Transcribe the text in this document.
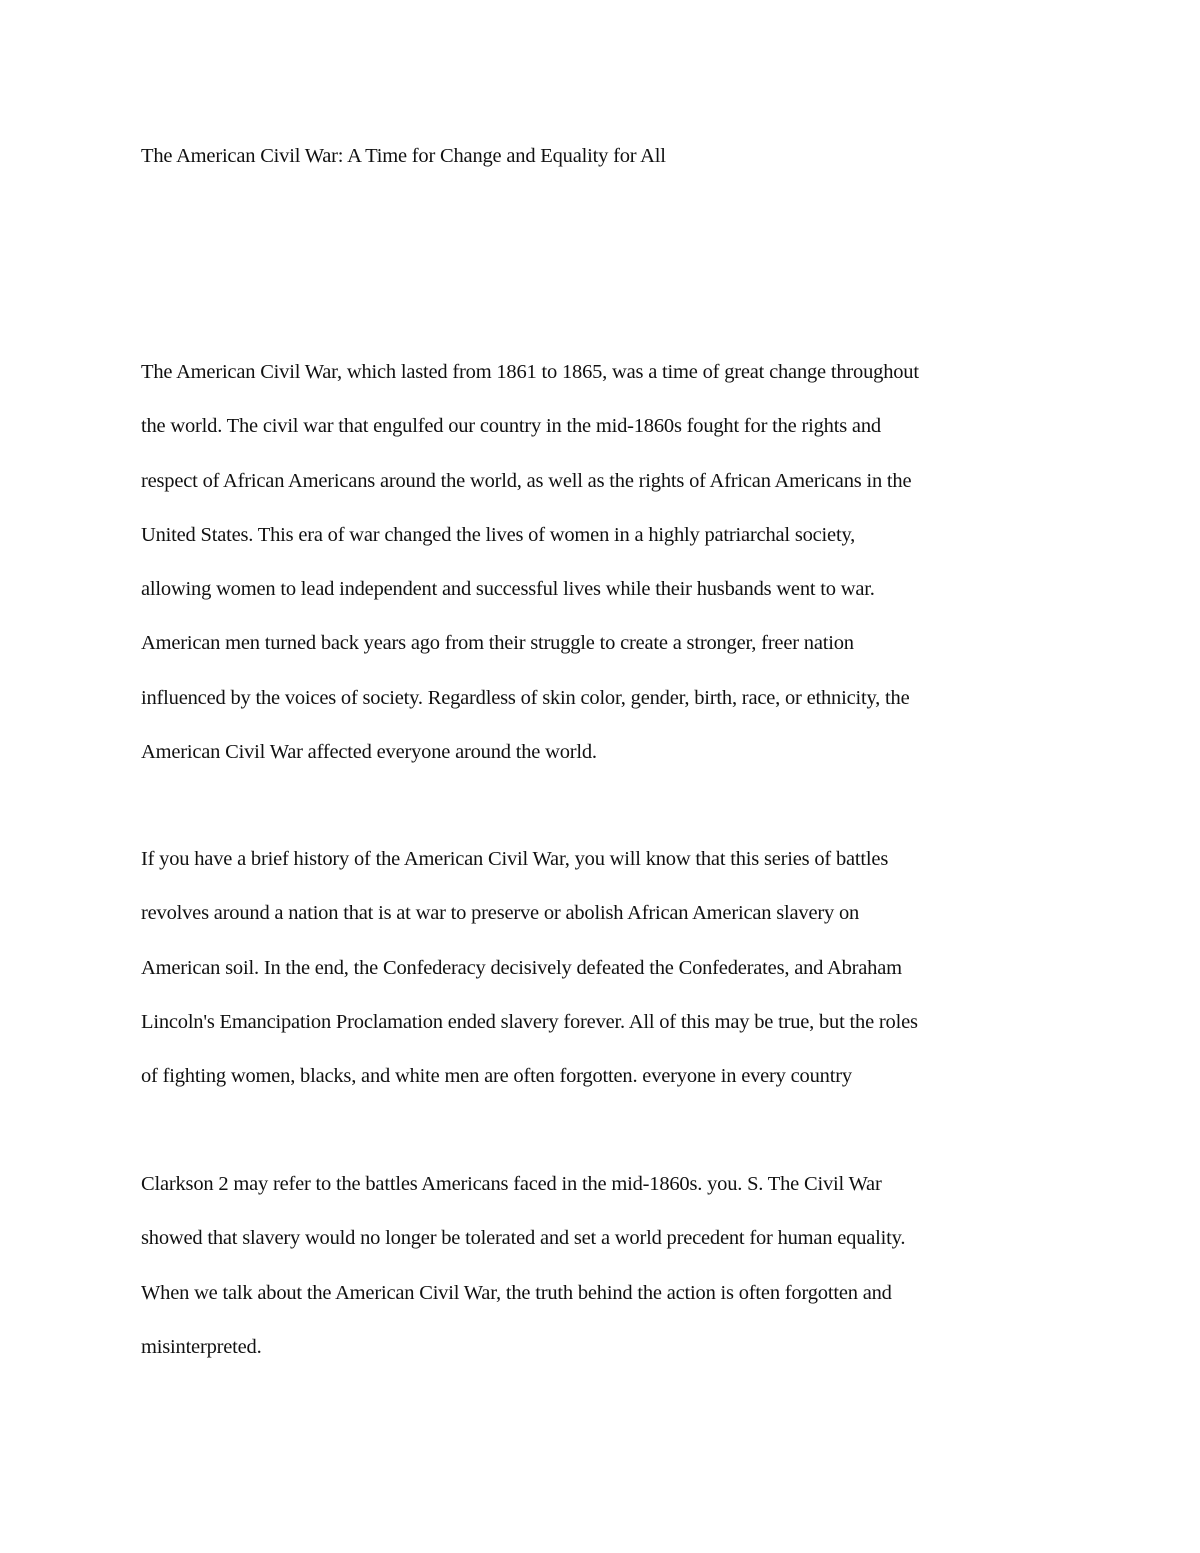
The American Civil War: A Time for Change and Equality for All
The American Civil War, which lasted from 1861 to 1865, was a time of great change throughout
the world. The civil war that engulfed our country in the mid-1860s fought for the rights and
respect of African Americans around the world, as well as the rights of African Americans in the
United States. This era of war changed the lives of women in a highly patriarchal society,
allowing women to lead independent and successful lives while their husbands went to war.
American men turned back years ago from their struggle to create a stronger, freer nation
influenced by the voices of society. Regardless of skin color, gender, birth, race, or ethnicity, the
American Civil War affected everyone around the world.
If you have a brief history of the American Civil War, you will know that this series of battles
revolves around a nation that is at war to preserve or abolish African American slavery on
American soil. In the end, the Confederacy decisively defeated the Confederates, and Abraham
Lincoln's Emancipation Proclamation ended slavery forever. All of this may be true, but the roles
of fighting women, blacks, and white men are often forgotten. everyone in every country
Clarkson 2 may refer to the battles Americans faced in the mid-1860s. you. S. The Civil War
showed that slavery would no longer be tolerated and set a world precedent for human equality.
When we talk about the American Civil War, the truth behind the action is often forgotten and
misinterpreted.
